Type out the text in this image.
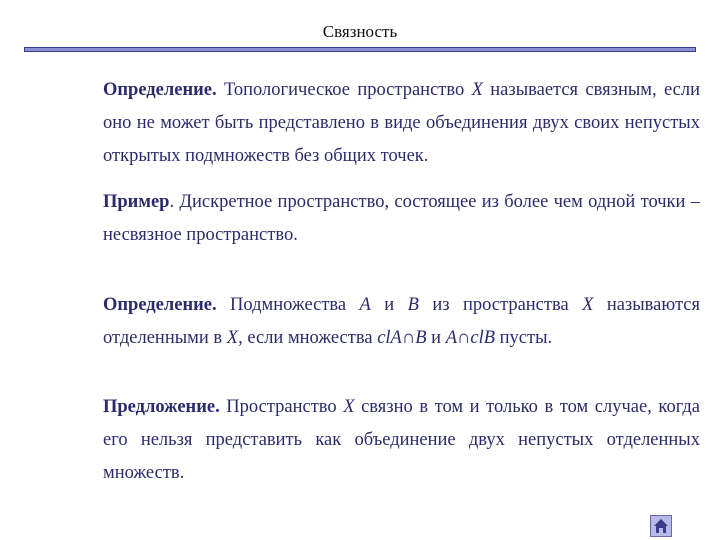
Связность
Определение. Топологическое пространство X называется связным, если оно не может быть представлено в виде объединения двух своих непустых открытых подмножеств без общих точек.
Пример. Дискретное пространство, состоящее из более чем одной точки – несвязное пространство.
Определение. Подмножества A и B из пространства X называются отделенными в X, если множества clA∩B и A∩clB пусты.
Предложение. Пространство X связно в том и только в том случае, когда его нельзя представить как объединение двух непустых отделенных множеств.
